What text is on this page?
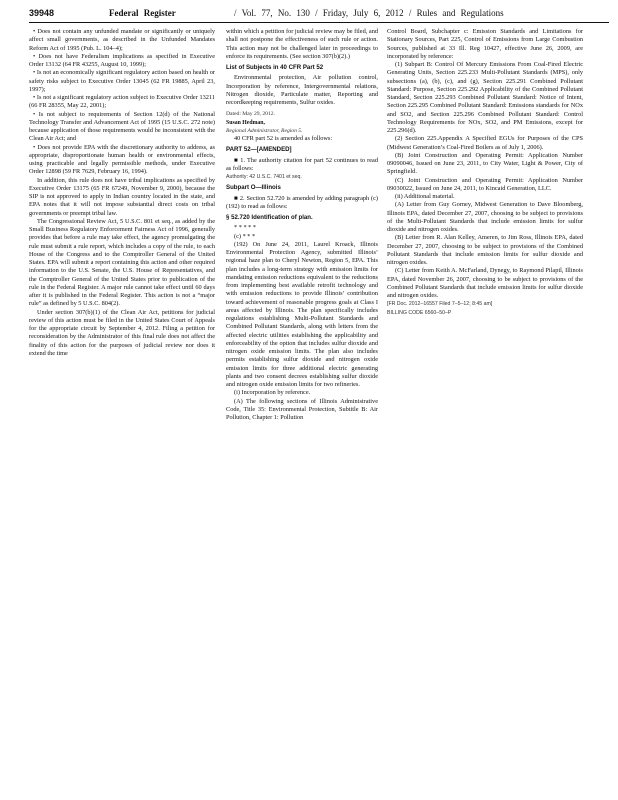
39948	Federal Register	/ Vol. 77, No. 130 / Friday, July 6, 2012 / Rules and Regulations

• Does not contain any unfunded mandate or significantly or uniquely affect small governments, as described in the Unfunded Mandates Reform Act of 1995 (Pub. L. 104–4);

• Does not have Federalism implications as specified in Executive Order 13132 (64 FR 43255, August 10, 1999);

• Is not an economically significant regulatory action based on health or safety risks subject to Executive Order 13045 (62 FR 19885, April 23, 1997);

• Is not a significant regulatory action subject to Executive Order 13211 (66 FR 28355, May 22, 2001);

• Is not subject to requirements of Section 12(d) of the National Technology Transfer and Advancement Act of 1995 (15 U.S.C. 272 note) because application of those requirements would be inconsistent with the Clean Air Act; and

• Does not provide EPA with the discretionary authority to address, as appropriate, disproportionate human health or environmental effects, using practicable and legally permissible methods, under Executive Order 12898 (59 FR 7629, February 16, 1994).

In addition, this rule does not have tribal implications as specified by Executive Order 13175 (65 FR 67249, November 9, 2000), because the SIP is not approved to apply in Indian country located in the state, and EPA notes that it will not impose substantial direct costs on tribal governments or preempt tribal law.

The Congressional Review Act, 5 U.S.C. 801 et seq., as added by the Small Business Regulatory Enforcement Fairness Act of 1996, generally provides that before a rule may take effect, the agency promulgating the rule must submit a rule report, which includes a copy of the rule, to each House of the Congress and to the Comptroller General of the United States. EPA will submit a report containing this action and other required information to the U.S. Senate, the U.S. House of Representatives, and the Comptroller General of the United States prior to publication of the rule in the Federal Register. A major rule cannot take effect until 60 days after it is published in the Federal Register. This action is not a “major rule” as defined by 5 U.S.C. 804(2).

Under section 307(b)(1) of the Clean Air Act, petitions for judicial review of this action must be filed in the United States Court of Appeals for the appropriate circuit by September 4, 2012. Filing a petition for reconsideration by the Administrator of this final rule does not affect the finality of this action for the purposes of judicial review nor does it extend the time

within which a petition for judicial review may be filed, and shall not postpone the effectiveness of such rule or action. This action may not be challenged later in proceedings to enforce its requirements. (See section 307(b)(2).)

List of Subjects in 40 CFR Part 52

Environmental protection, Air pollution control, Incorporation by reference, Intergovernmental relations, Nitrogen dioxide, Particulate matter, Reporting and recordkeeping requirements, Sulfur oxides.

Dated: May 29, 2012.

Susan Hedman,

Regional Administrator, Region 5.

40 CFR part 52 is amended as follows:

PART 52—[AMENDED]

■ 1. The authority citation for part 52 continues to read as follows:

Authority: 42 U.S.C. 7401 et seq.

Subpart O—Illinois

■ 2. Section 52.720 is amended by adding paragraph (c)(192) to read as follows:

§ 52.720 Identification of plan.

* * * * *

(c) * * *

(192) On June 24, 2011, Laurel Kroack, Illinois Environmental Protection Agency, submitted Illinois’ regional haze plan to Cheryl Newton, Region 5, EPA. This plan includes a long-term strategy with emission limits for mandating emission reductions equivalent to the reductions from implementing best available retrofit technology and with emission reductions to provide Illinois’ contribution toward achievement of reasonable progress goals at Class I areas affected by Illinois. The plan specifically includes regulations establishing Multi-Pollutant Standards and Combined Pollutant Standards, along with letters from the affected electric utilities establishing the applicability and enforceability of the option that includes sulfur dioxide and nitrogen oxide emission limits. The plan also includes permits establishing sulfur dioxide and nitrogen oxide emission limits for three additional electric generating plants and two consent decrees establishing sulfur dioxide and nitrogen oxide emission limits for two refineries.

(i) Incorporation by reference.

(A) The following sections of Illinois Administrative Code, Title 35: Environmental Protection, Subtitle B: Air Pollution, Chapter 1: Pollution

Control Board, Subchapter c: Emission Standards and Limitations for Stationary Sources, Part 225, Control of Emissions from Large Combustion Sources, published at 33 Ill. Reg 10427, effective June 26, 2009, are incorporated by reference:

(1) Subpart B: Control Of Mercury Emissions From Coal-Fired Electric Generating Units, Section 225.233 Multi-Pollutant Standards (MPS), only subsections (a), (b), (c), and (g), Section 225.291 Combined Pollutant Standard: Purpose, Section 225.292 Applicability of the Combined Pollutant Standard, Section 225.293 Combined Pollutant Standard: Notice of Intent, Section 225.295 Combined Pollutant Standard: Emissions standards for NOx and SO2, and Section 225.296 Combined Pollutant Standard: Control Technology Requirements for NOx, SO2, and PM Emissions, except for 225.296(d).

(2) Section 225.Appendix A Specified EGUs for Purposes of the CPS (Midwest Generation’s Coal-Fired Boilers as of July 1, 2006).

(B) Joint Construction and Operating Permit: Application Number 09090046, Issued on June 23, 2011, to City Water, Light & Power, City of Springfield.

(C) Joint Construction and Operating Permit: Application Number 09030022, Issued on June 24, 2011, to Kincaid Generation, LLC.

(ii) Additional material.

(A) Letter from Guy Gorney, Midwest Generation to Dave Bloomberg, Illinois EPA, dated December 27, 2007, choosing to be subject to provisions of the Multi-Pollutant Standards that include emission limits for sulfur dioxide and nitrogen oxides.

(B) Letter from R. Alan Kelley, Ameren, to Jim Ross, Illinois EPA, dated December 27, 2007, choosing to be subject to provisions of the Combined Pollutant Standards that include emission limits for sulfur dioxide and nitrogen oxides.

(C) Letter from Keith A. McFarland, Dynegy, to Raymond Pilapil, Illinois EPA, dated November 26, 2007, choosing to be subject to provisions of the Combined Pollutant Standards that include emission limits for sulfur dioxide and nitrogen oxides.

[FR Doc. 2012–16557 Filed 7–5–12; 8:45 am]

BILLING CODE 6560–50–P
